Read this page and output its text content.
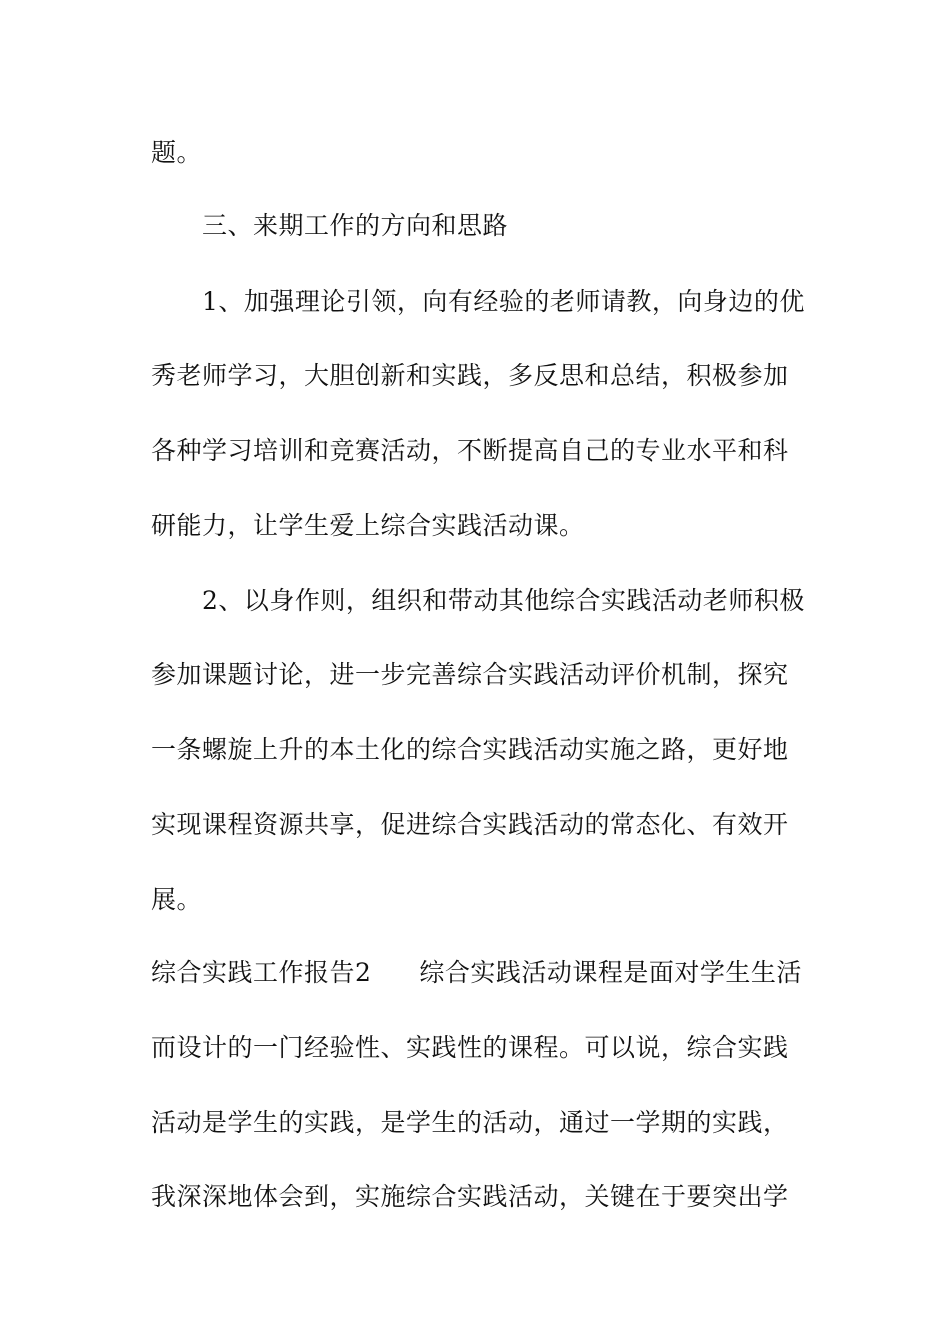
题。
三、来期工作的方向和思路
1、加强理论引领，向有经验的老师请教，向身边的优
秀老师学习，大胆创新和实践，多反思和总结，积极参加
各种学习培训和竞赛活动，不断提高自己的专业水平和科
研能力，让学生爱上综合实践活动课。
2、以身作则，组织和带动其他综合实践活动老师积极
参加课题讨论，进一步完善综合实践活动评价机制，探究
一条螺旋上升的本土化的综合实践活动实施之路，更好地
实现课程资源共享，促进综合实践活动的常态化、有效开
展。
综合实践工作报告2 综合实践活动课程是面对学生生活
而设计的一门经验性、实践性的课程。可以说，综合实践
活动是学生的实践，是学生的活动，通过一学期的实践，
我深深地体会到，实施综合实践活动，关键在于要突出学
